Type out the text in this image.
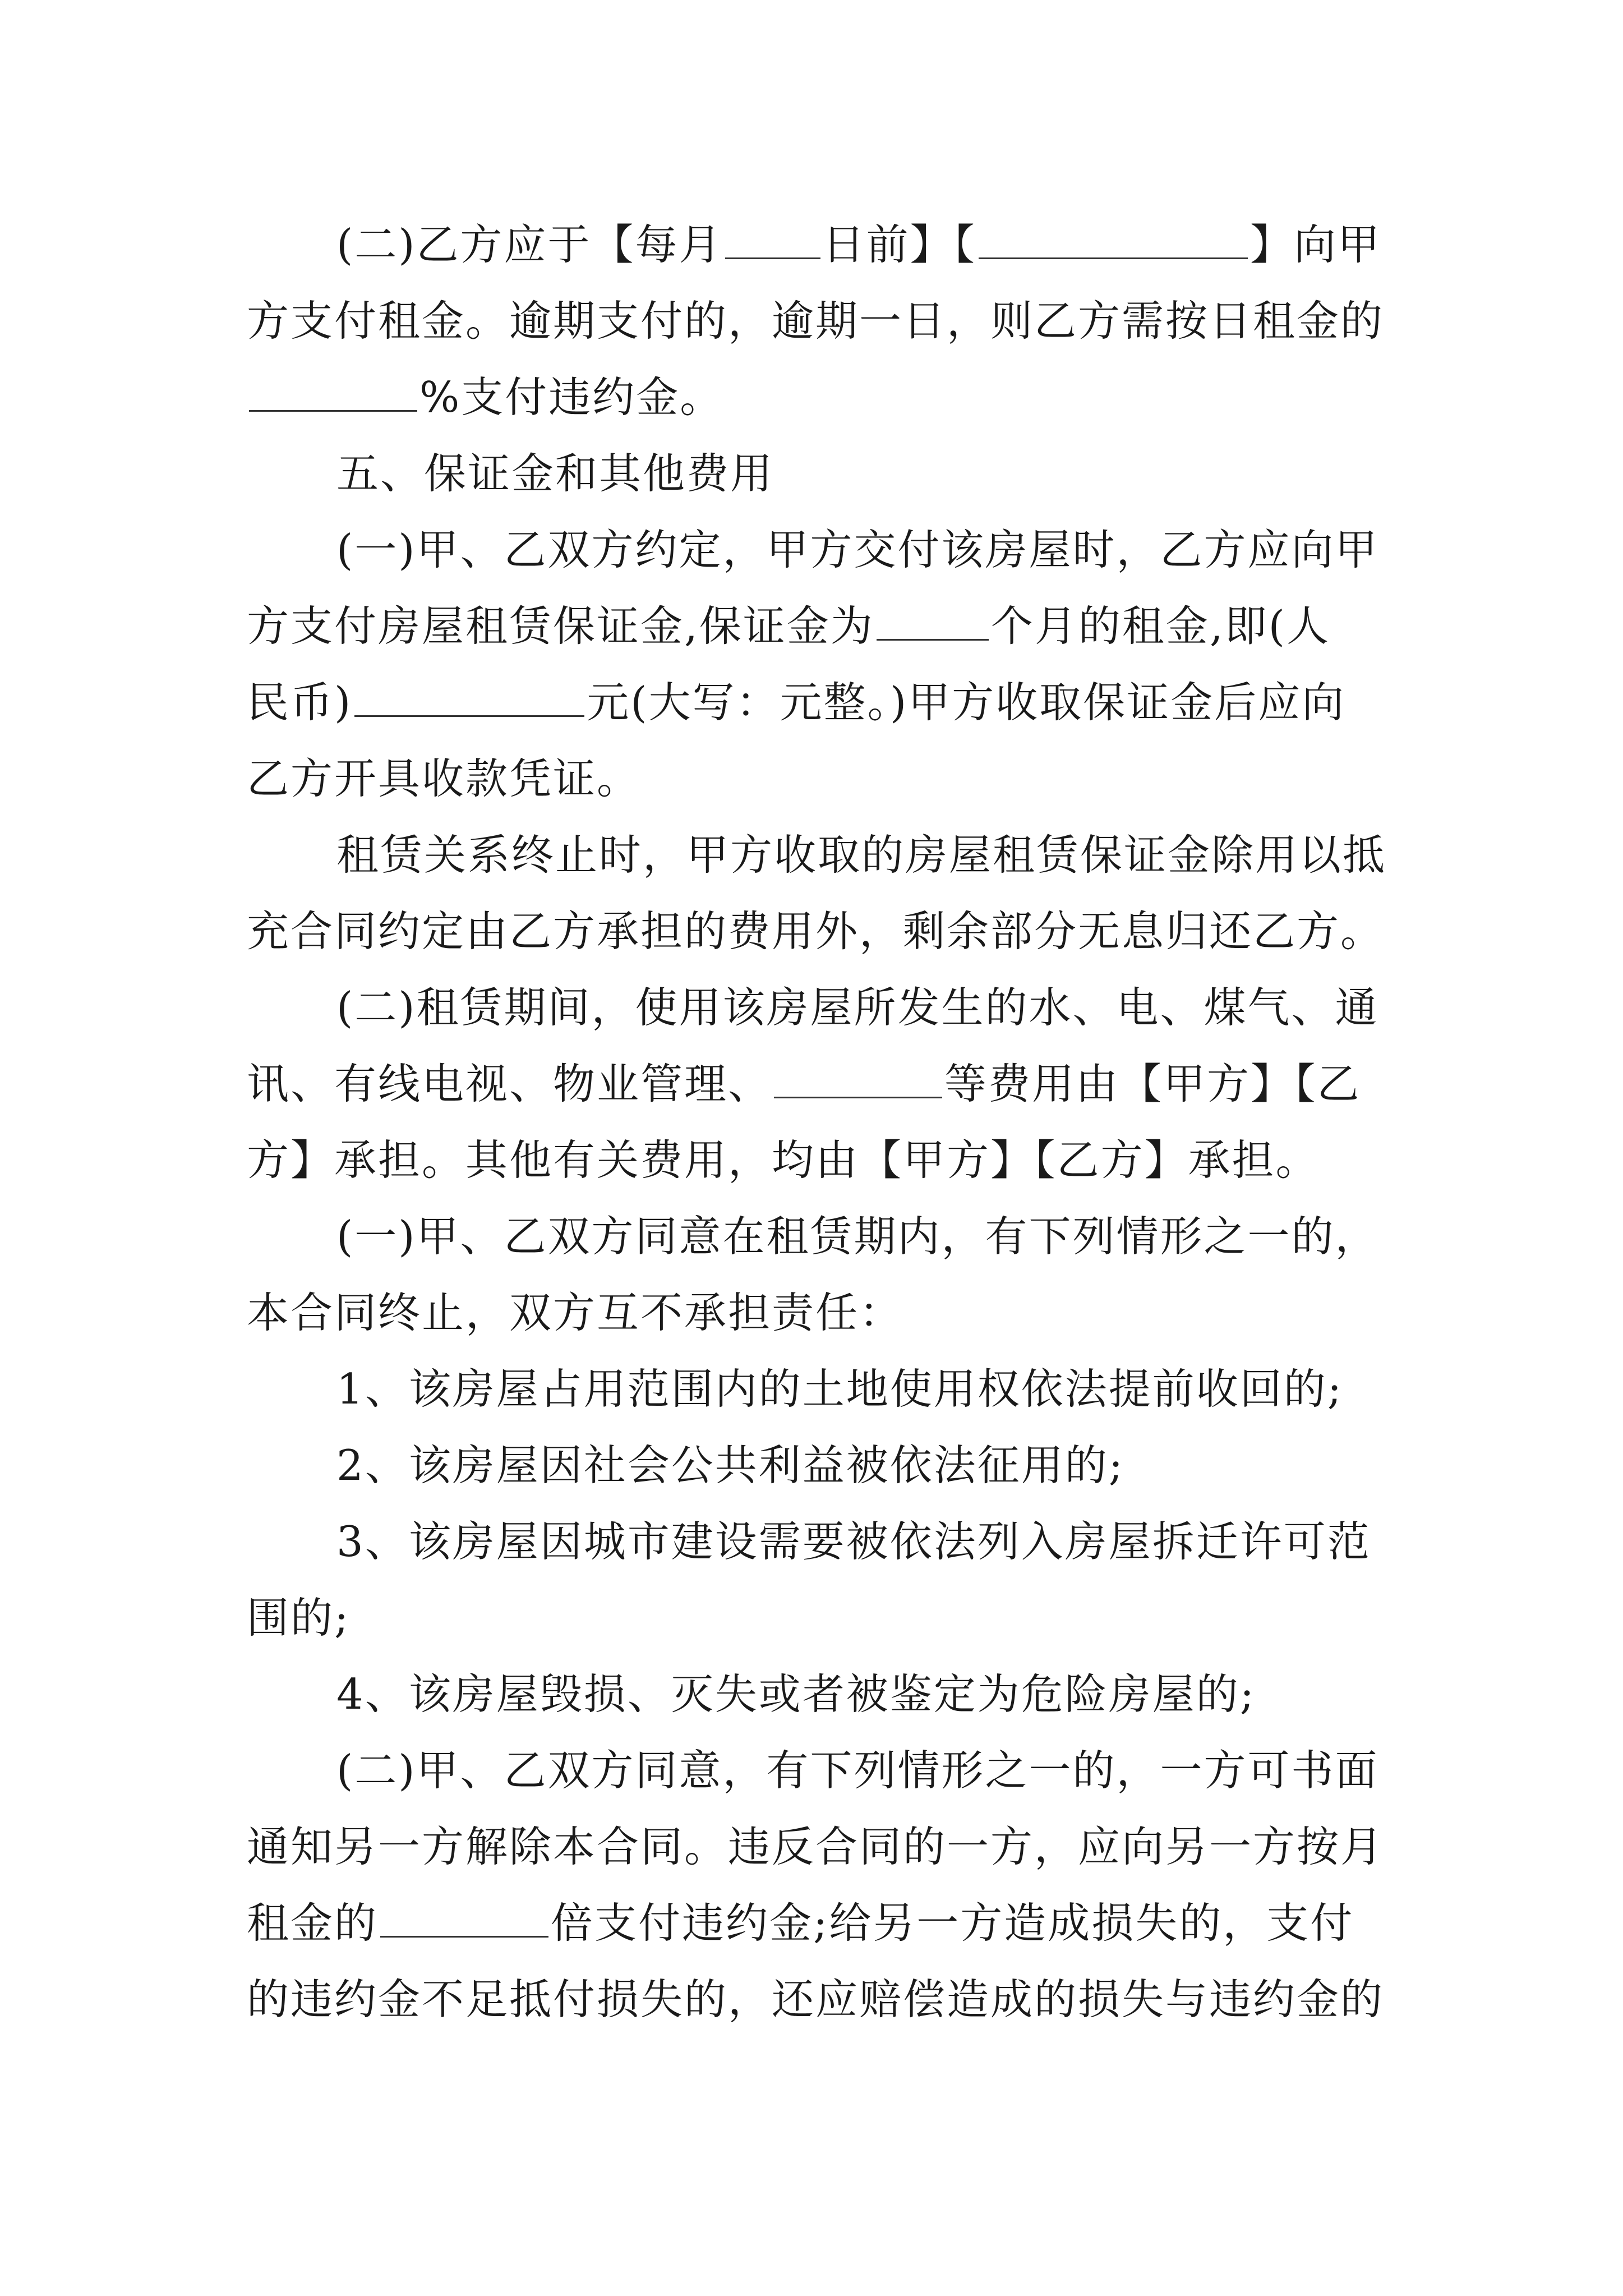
(二)乙方应于【每月 日前】【	】向甲
方支付租金。逾期支付的，逾期一日，则乙方需按日租金的
%支付违约金。
五、保证金和其他费用
(一)甲、乙双方约定，甲方交付该房屋时，乙方应向甲
方支付房屋租赁保证金,保证金为	个月的租金,即(人
民币)	元(大写：元整。)甲方收取保证金后应向
乙方开具收款凭证。
租赁关系终止时，甲方收取的房屋租赁保证金除用以抵
充合同约定由乙方承担的费用外，剩余部分无息归还乙方。
(二)租赁期间，使用该房屋所发生的水、电、煤气、通
讯、有线电视、物业管理、	等费用由【甲方】【乙
方】承担。其他有关费用，均由【甲方】【乙方】承担。
(一)甲、乙双方同意在租赁期内，有下列情形之一的，
本合同终止，双方互不承担责任：
1、该房屋占用范围内的土地使用权依法提前收回的;
2、该房屋因社会公共利益被依法征用的;
3、该房屋因城市建设需要被依法列入房屋拆迁许可范
围的;
4、该房屋毁损、灭失或者被鉴定为危险房屋的;
(二)甲、乙双方同意，有下列情形之一的，一方可书面
通知另一方解除本合同。违反合同的一方，应向另一方按月
租金的	倍支付违约金;给另一方造成损失的，支付
的违约金不足抵付损失的，还应赔偿造成的损失与违约金的
